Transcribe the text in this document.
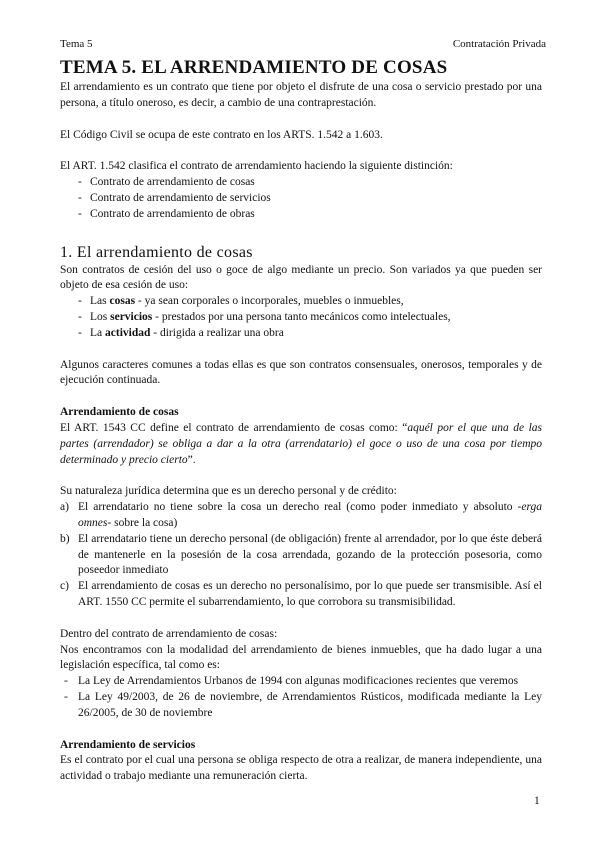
Tema 5	Contratación Privada
TEMA 5. EL ARRENDAMIENTO DE COSAS

El arrendamiento es un contrato que tiene por objeto el disfrute de una cosa o servicio prestado por una persona, a título oneroso, es decir, a cambio de una contraprestación.

El Código Civil se ocupa de este contrato en los ARTS. 1.542 a 1.603.

El ART. 1.542 clasifica el contrato de arrendamiento haciendo la siguiente distinción:

- Contrato de arrendamiento de cosas
- Contrato de arrendamiento de servicios
- Contrato de arrendamiento de obras
1. El arrendamiento de cosas

Son contratos de cesión del uso o goce de algo mediante un precio. Son variados ya que pueden ser objeto de esa cesión de uso:

- Las cosas - ya sean corporales o incorporales, muebles o inmuebles,
- Los servicios - prestados por una persona tanto mecánicos como intelectuales,
- La actividad - dirigida a realizar una obra

Algunos caracteres comunes a todas ellas es que son contratos consensuales, onerosos, temporales y de ejecución continuada.

Arrendamiento de cosas

El ART. 1543 CC define el contrato de arrendamiento de cosas como: “aquél por el que una de las partes (arrendador) se obliga a dar a la otra (arrendatario) el goce o uso de una cosa por tiempo determinado y precio cierto”.

Su naturaleza jurídica determina que es un derecho personal y de crédito:

a) El arrendatario no tiene sobre la cosa un derecho real (como poder inmediato y absoluto -erga omnes- sobre la cosa)
b) El arrendatario tiene un derecho personal (de obligación) frente al arrendador, por lo que éste deberá de mantenerle en la posesión de la cosa arrendada, gozando de la protección posesoria, como poseedor inmediato
c) El arrendamiento de cosas es un derecho no personalísimo, por lo que puede ser transmisible. Así el ART. 1550 CC permite el subarrendamiento, lo que corrobora su transmisibilidad.

Dentro del contrato de arrendamiento de cosas:

Nos encontramos con la modalidad del arrendamiento de bienes inmuebles, que ha dado lugar a una legislación específica, tal como es:

- La Ley de Arrendamientos Urbanos de 1994 con algunas modificaciones recientes que veremos
- La Ley 49/2003, de 26 de noviembre, de Arrendamientos Rústicos, modificada mediante la Ley 26/2005, de 30 de noviembre

Arrendamiento de servicios

Es el contrato por el cual una persona se obliga respecto de otra a realizar, de manera independiente, una actividad o trabajo mediante una remuneración cierta.

1
